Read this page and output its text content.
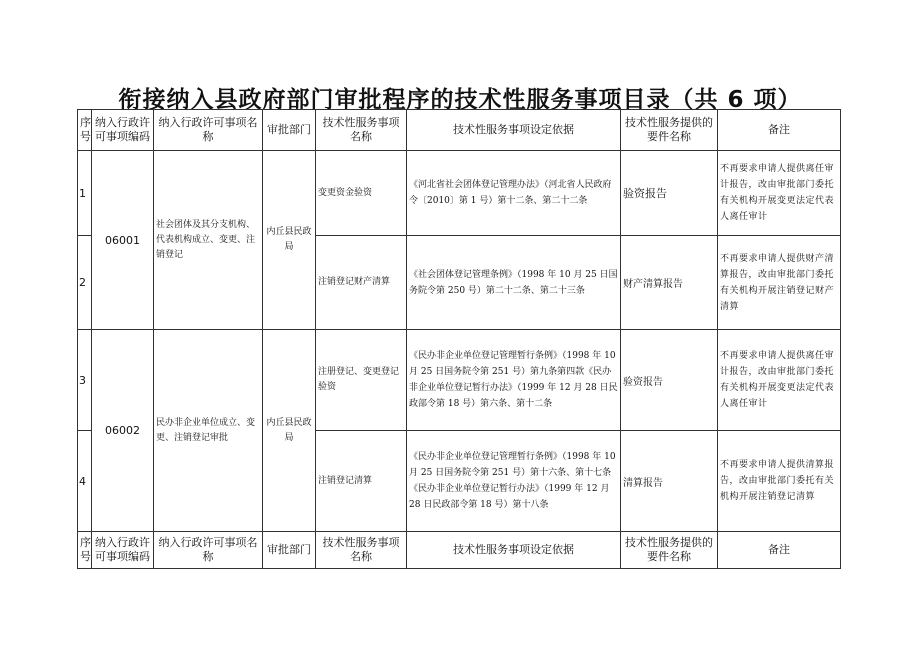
衔接纳入县政府部门审批程序的技术性服务事项目录（共 6 项）
序号	纳入行政许可事项编码	纳入行政许可事项名称	审批部门	技术性服务事项名称	技术性服务事项设定依据	技术性服务提供的要件名称	备注
1	06001	社会团体及其分支机构、代表机构成立、变更、注销登记	内丘县民政局	变更资金验资	《河北省社会团体登记管理办法》（河北省人民政府令〔2010〕第 1 号）第十二条、第二十二条	验资报告	不再要求申请人提供离任审计报告，改由审批部门委托有关机构开展变更法定代表人离任审计
2				注销登记财产清算	《社会团体登记管理条例》（1998 年 10 月 25 日国务院令第 250 号）第二十二条、第二十三条	财产清算报告	不再要求申请人提供财产清算报告，改由审批部门委托有关机构开展注销登记财产清算
3	06002	民办非企业单位成立、变更、注销登记审批	内丘县民政局	注册登记、变更登记验资	《民办非企业单位登记管理暂行条例》（1998 年 10 月 25 日国务院令第 251 号）第九条第四款《民办非企业单位登记暂行办法》（1999 年 12 月 28 日民政部令第 18 号）第六条、第十二条	验资报告	不再要求申请人提供离任审计报告，改由审批部门委托有关机构开展变更法定代表人离任审计
4				注销登记清算	《民办非企业单位登记管理暂行条例》（1998 年 10 月 25 日国务院令第 251 号）第十六条、第十七条 《民办非企业单位登记暂行办法》（1999 年 12 月 28 日民政部令第 18 号）第十八条	清算报告	不再要求申请人提供清算报告，改由审批部门委托有关机构开展注销登记清算
序号	纳入行政许可事项编码	纳入行政许可事项名称	审批部门	技术性服务事项名称	技术性服务事项设定依据	技术性服务提供的要件名称	备注
